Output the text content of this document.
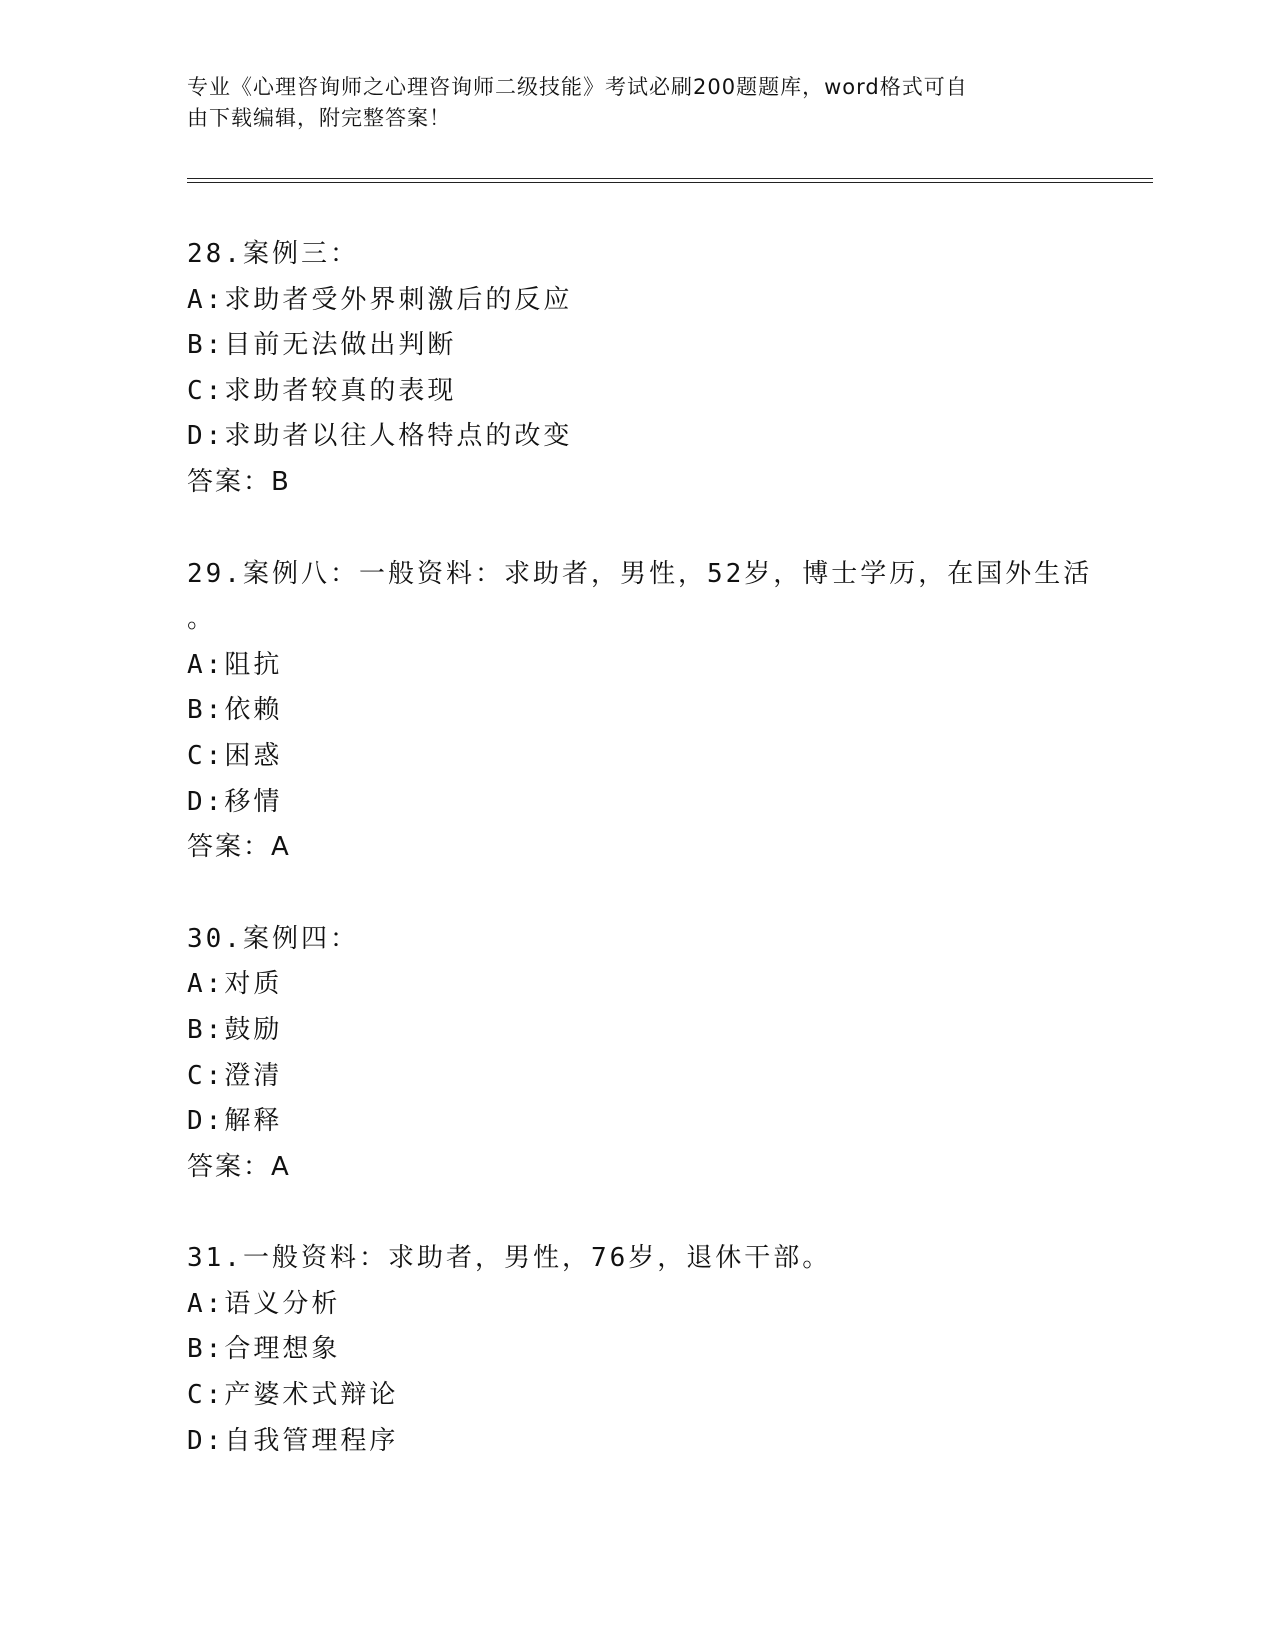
专业《心理咨询师之心理咨询师二级技能》考试必刷200题题库，word格式可自
由下载编辑，附完整答案！
28.案例三：
A:求助者受外界刺激后的反应
B:目前无法做出判断
C:求助者较真的表现
D:求助者以往人格特点的改变
答案：B
29.案例八：一般资料：求助者，男性，52岁，博士学历，在国外生活
。
A:阻抗
B:依赖
C:困惑
D:移情
答案：A
30.案例四：
A:对质
B:鼓励
C:澄清
D:解释
答案：A
31.一般资料：求助者，男性，76岁，退休干部。
A:语义分析
B:合理想象
C:产婆术式辩论
D:自我管理程序
